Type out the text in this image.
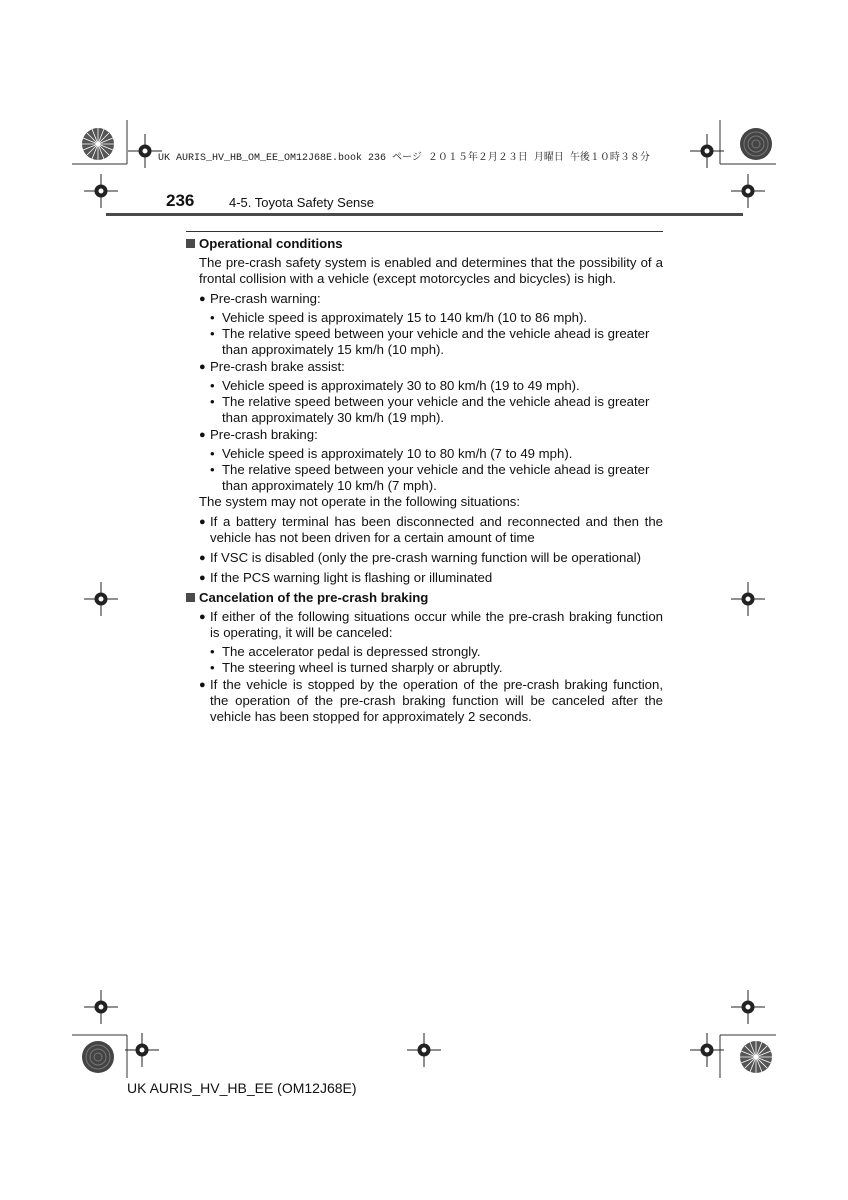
UK AURIS_HV_HB_OM_EE_OM12J68E.book 236 ページ ２０１５年２月２３日 月曜日 午後１０時３８分
236	4-5. Toyota Safety Sense
Operational conditions
The pre-crash safety system is enabled and determines that the possibility of a frontal collision with a vehicle (except motorcycles and bicycles) is high.
● Pre-crash warning:
• Vehicle speed is approximately 15 to 140 km/h (10 to 86 mph).
• The relative speed between your vehicle and the vehicle ahead is greater than approximately 15 km/h (10 mph).
● Pre-crash brake assist:
• Vehicle speed is approximately 30 to 80 km/h (19 to 49 mph).
• The relative speed between your vehicle and the vehicle ahead is greater than approximately 30 km/h (19 mph).
● Pre-crash braking:
• Vehicle speed is approximately 10 to 80 km/h (7 to 49 mph).
• The relative speed between your vehicle and the vehicle ahead is greater than approximately 10 km/h (7 mph).
The system may not operate in the following situations:
● If a battery terminal has been disconnected and reconnected and then the vehicle has not been driven for a certain amount of time
● If VSC is disabled (only the pre-crash warning function will be operational)
● If the PCS warning light is flashing or illuminated
Cancelation of the pre-crash braking
● If either of the following situations occur while the pre-crash braking function is operating, it will be canceled:
• The accelerator pedal is depressed strongly.
• The steering wheel is turned sharply or abruptly.
● If the vehicle is stopped by the operation of the pre-crash braking function, the operation of the pre-crash braking function will be canceled after the vehicle has been stopped for approximately 2 seconds.
UK AURIS_HV_HB_EE (OM12J68E)
